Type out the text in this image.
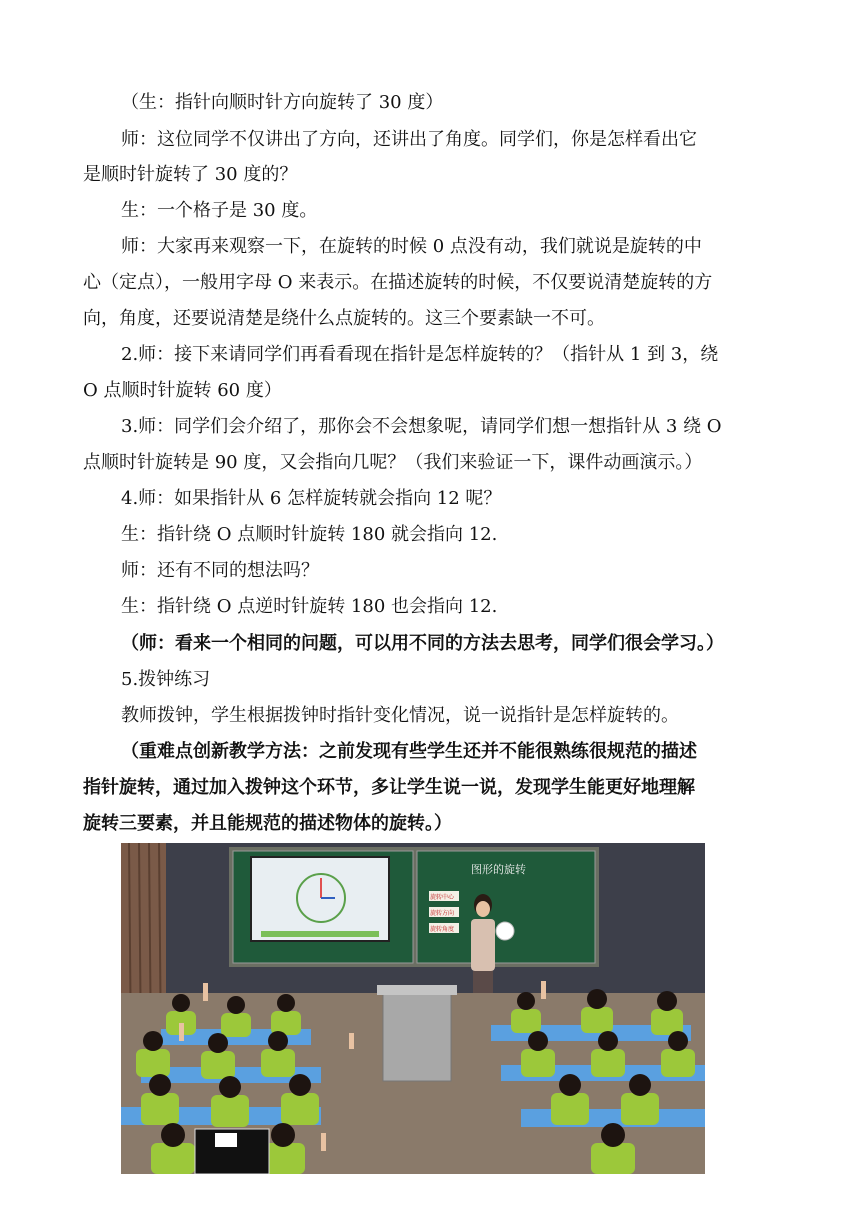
（生：指针向顺时针方向旋转了 30 度）
师：这位同学不仅讲出了方向，还讲出了角度。同学们，你是怎样看出它
是顺时针旋转了 30 度的？
生：一个格子是 30 度。
师：大家再来观察一下，在旋转的时候 0 点没有动，我们就说是旋转的中
心（定点），一般用字母 O 来表示。在描述旋转的时候，不仅要说清楚旋转的方
向，角度，还要说清楚是绕什么点旋转的。这三个要素缺一不可。
2.师：接下来请同学们再看看现在指针是怎样旋转的？（指针从 1 到 3，绕
O 点顺时针旋转 60 度）
3.师：同学们会介绍了，那你会不会想象呢，请同学们想一想指针从 3 绕 O
点顺时针旋转是 90 度，又会指向几呢？（我们来验证一下，课件动画演示。）
4.师：如果指针从 6 怎样旋转就会指向 12 呢？
生：指针绕 O 点顺时针旋转 180 就会指向 12.
师：还有不同的想法吗？
生：指针绕 O 点逆时针旋转 180 也会指向 12.
（师：看来一个相同的问题，可以用不同的方法去思考，同学们很会学习。）
5.拨钟练习
教师拨钟，学生根据拨钟时指针变化情况，说一说指针是怎样旋转的。
（重难点创新教学方法：之前发现有些学生还并不能很熟练很规范的描述
指针旋转，通过加入拨钟这个环节，多让学生说一说，发现学生能更好地理解
旋转三要素，并且能规范的描述物体的旋转。）
图形的旋转
旋转中心
旋转方向
旋转角度
